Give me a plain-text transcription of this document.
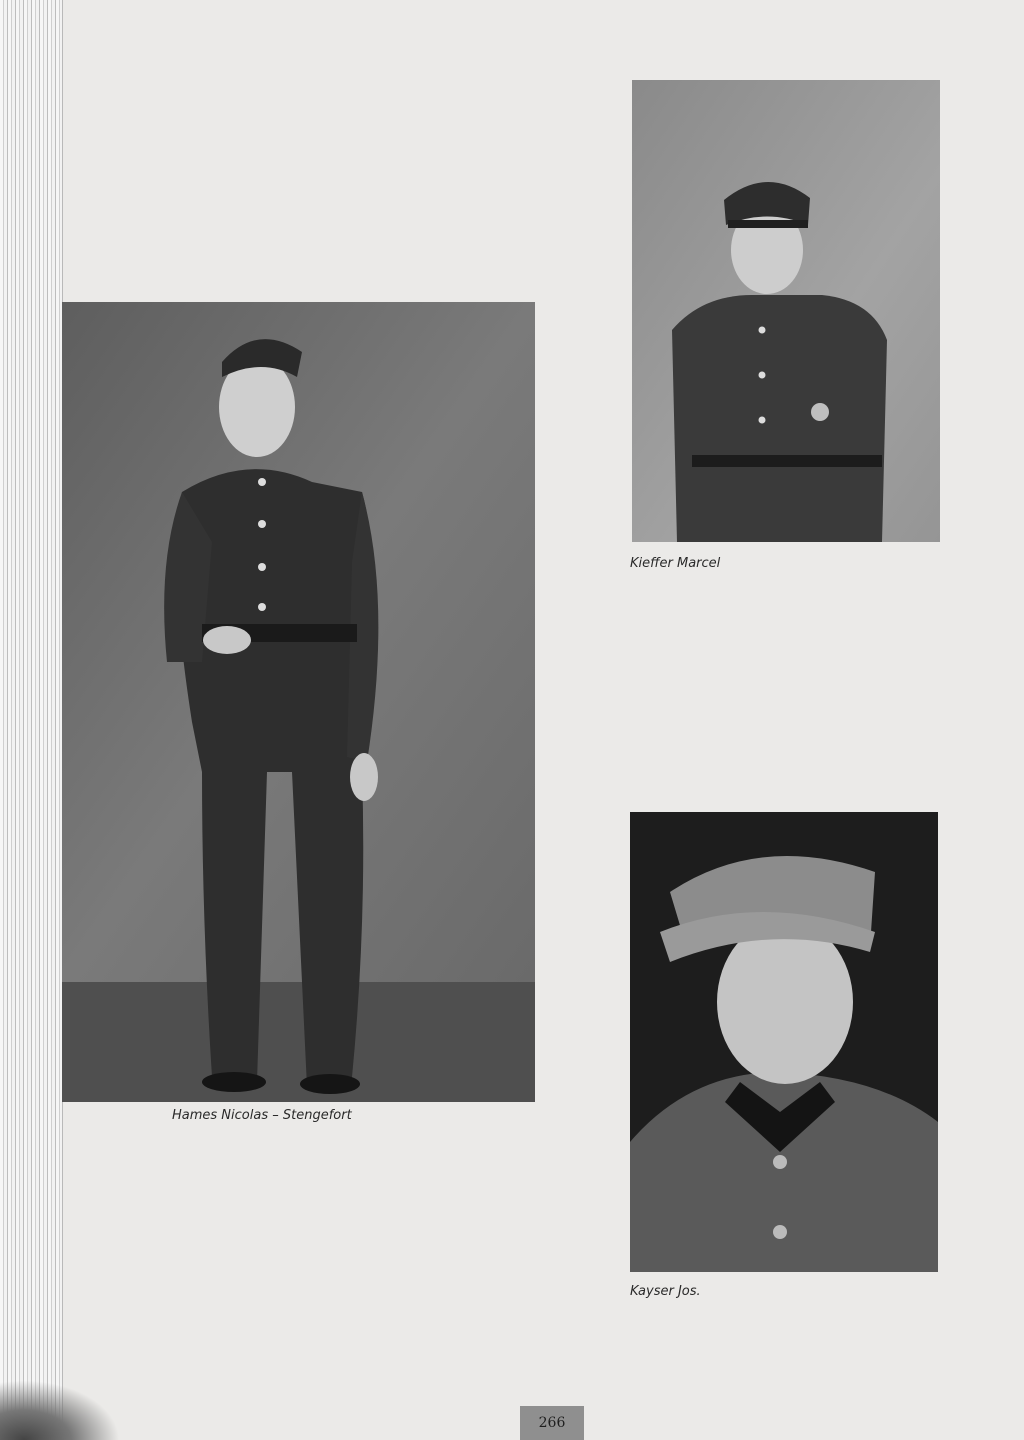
Hames Nicolas – Stengefort
Kieffer Marcel
Kayser Jos.
266
